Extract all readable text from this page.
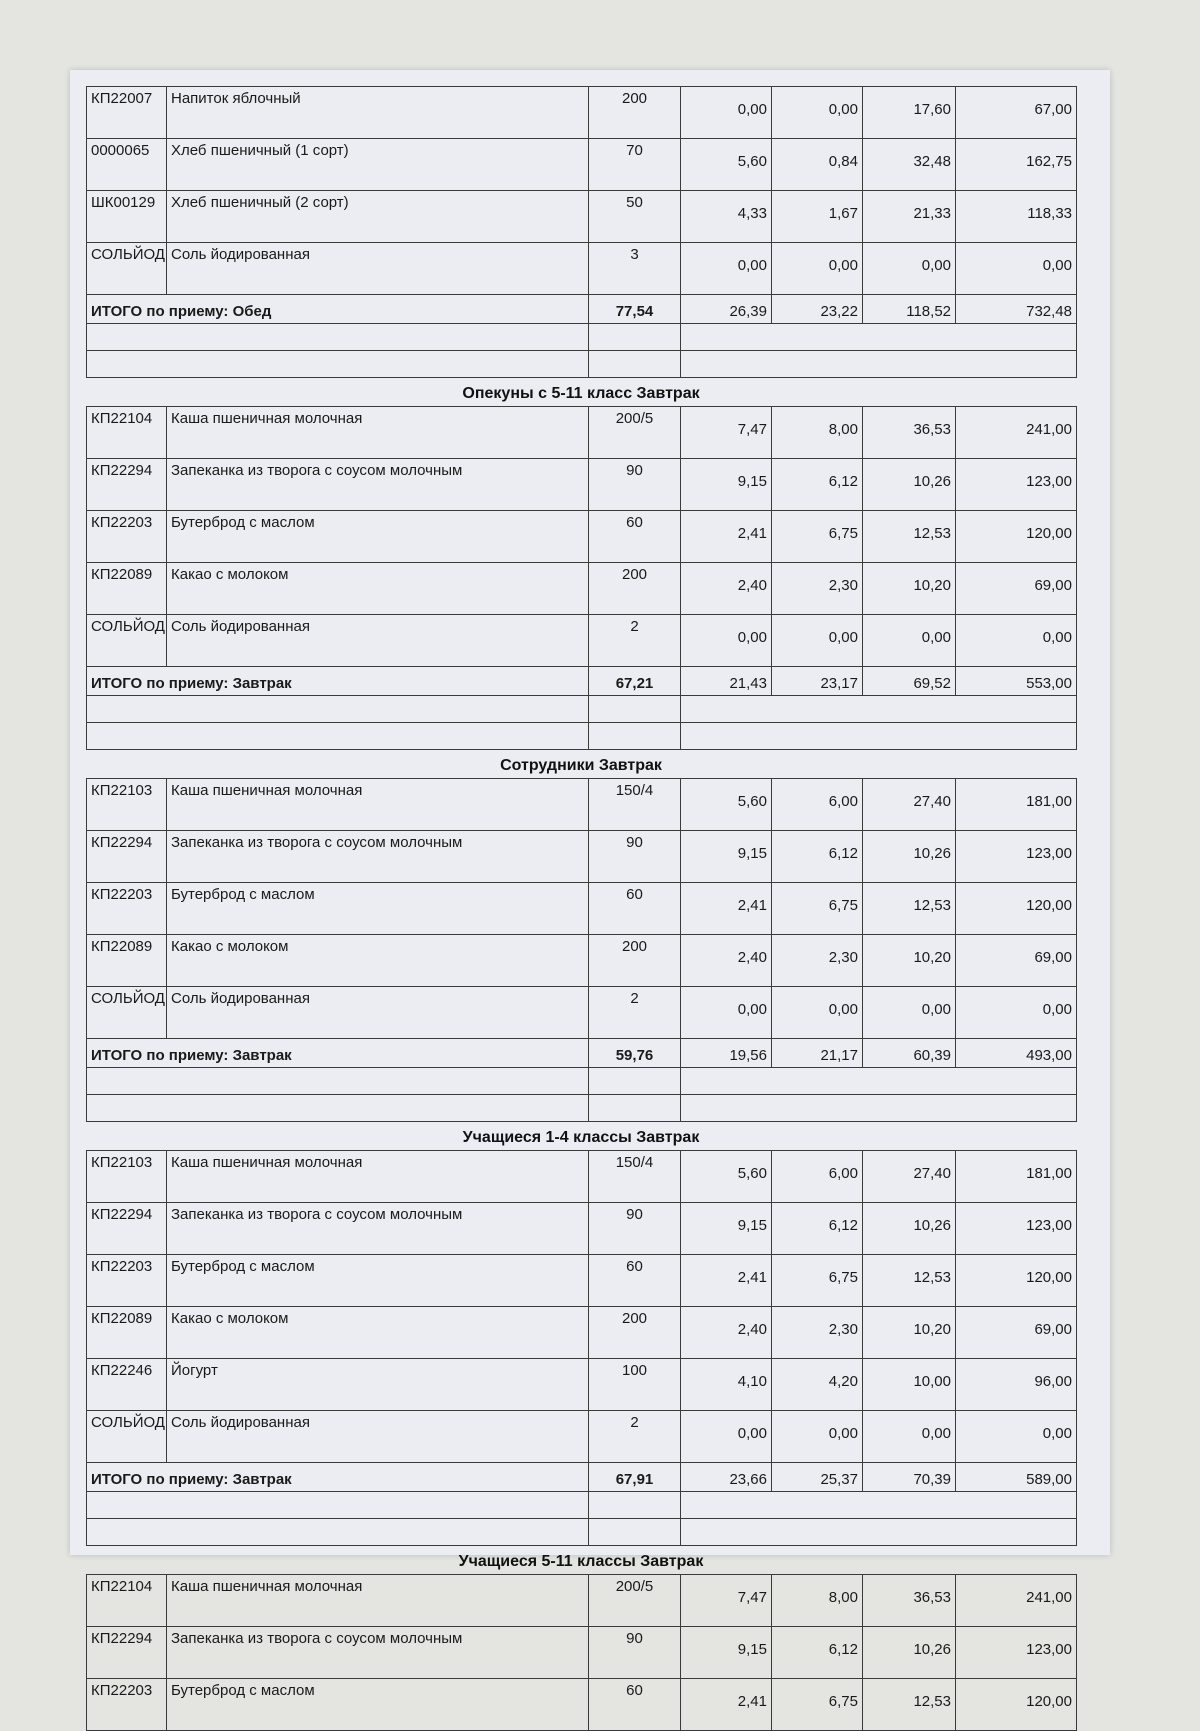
КП22007	Напиток яблочный	200	0,00	0,00	17,60	67,00
0000065	Хлеб пшеничный (1 сорт)	70	5,60	0,84	32,48	162,75
ШК00129	Хлеб пшеничный (2 сорт)	50	4,33	1,67	21,33	118,33
СОЛЬЙОД	Соль йодированная	3	0,00	0,00	0,00	0,00
ИТОГО по приему: Обед		77,54	26,39	23,22	118,52	732,48

Опекуны с 5-11 класс Завтрак
КП22104	Каша пшеничная молочная	200/5	7,47	8,00	36,53	241,00
КП22294	Запеканка из творога с соусом молочным	90	9,15	6,12	10,26	123,00
КП22203	Бутерброд с маслом	60	2,41	6,75	12,53	120,00
КП22089	Какао с молоком	200	2,40	2,30	10,20	69,00
СОЛЬЙОД	Соль йодированная	2	0,00	0,00	0,00	0,00
ИТОГО по приему: Завтрак		67,21	21,43	23,17	69,52	553,00

Сотрудники Завтрак
КП22103	Каша пшеничная молочная	150/4	5,60	6,00	27,40	181,00
КП22294	Запеканка из творога с соусом молочным	90	9,15	6,12	10,26	123,00
КП22203	Бутерброд с маслом	60	2,41	6,75	12,53	120,00
КП22089	Какао с молоком	200	2,40	2,30	10,20	69,00
СОЛЬЙОД	Соль йодированная	2	0,00	0,00	0,00	0,00
ИТОГО по приему: Завтрак		59,76	19,56	21,17	60,39	493,00

Учащиеся 1-4 классы Завтрак
КП22103	Каша пшеничная молочная	150/4	5,60	6,00	27,40	181,00
КП22294	Запеканка из творога с соусом молочным	90	9,15	6,12	10,26	123,00
КП22203	Бутерброд с маслом	60	2,41	6,75	12,53	120,00
КП22089	Какао с молоком	200	2,40	2,30	10,20	69,00
КП22246	Йогурт	100	4,10	4,20	10,00	96,00
СОЛЬЙОД	Соль йодированная	2	0,00	0,00	0,00	0,00
ИТОГО по приему: Завтрак		67,91	23,66	25,37	70,39	589,00

Учащиеся 5-11 классы Завтрак
КП22104	Каша пшеничная молочная	200/5	7,47	8,00	36,53	241,00
КП22294	Запеканка из творога с соусом молочным	90	9,15	6,12	10,26	123,00
КП22203	Бутерброд с маслом	60	2,41	6,75	12,53	120,00
